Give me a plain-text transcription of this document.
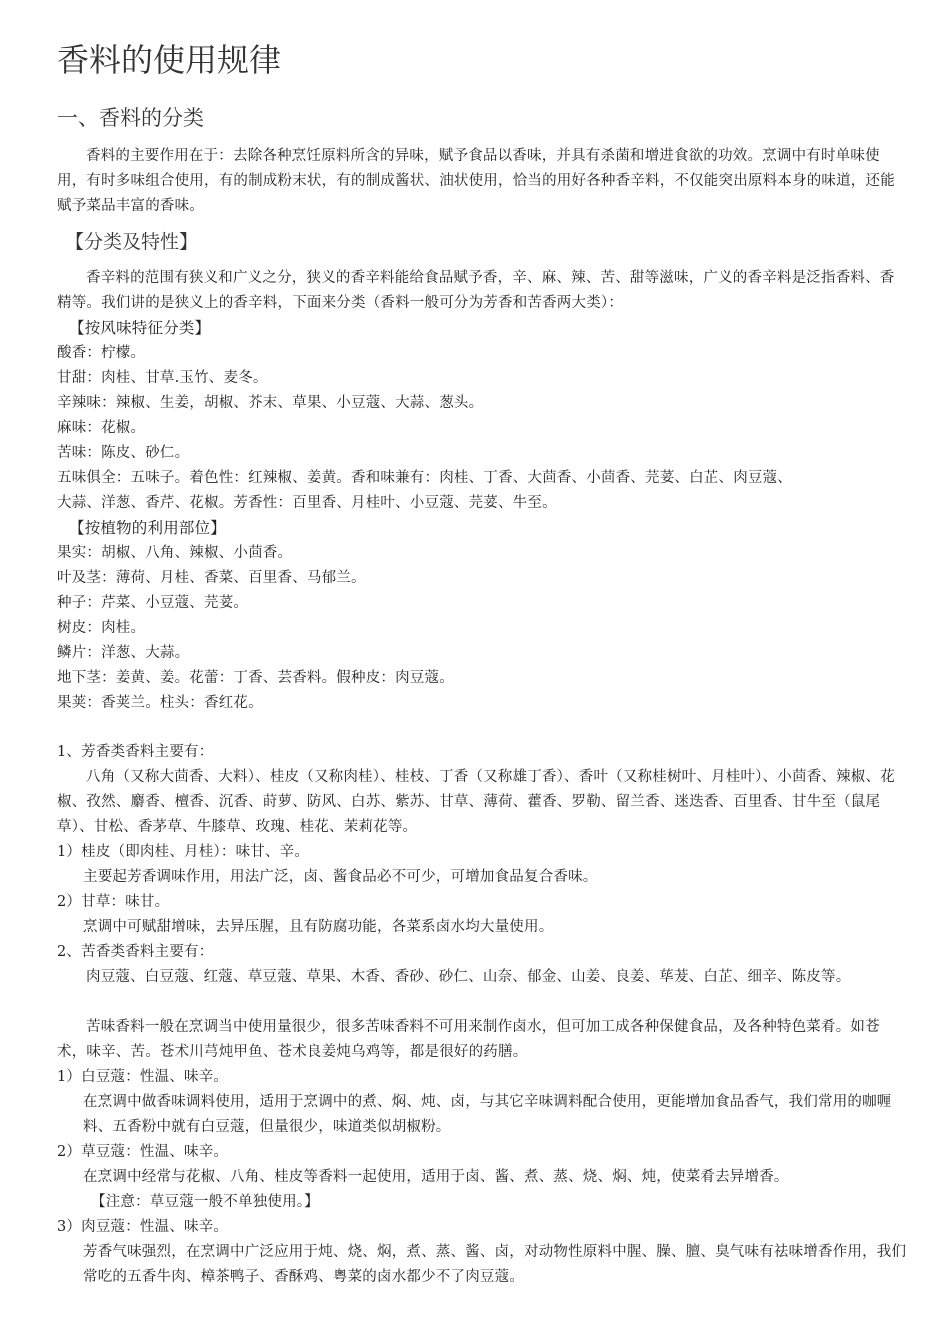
香料的使用规律
一、香料的分类

香料的主要作用在于：去除各种烹饪原料所含的异味，赋予食品以香味，并具有杀菌和增进食欲的功效。烹调中有时单味使用，有时多味组合使用，有的制成粉末状，有的制成酱状、油状使用，恰当的用好各种香辛料，不仅能突出原料本身的味道，还能赋予菜品丰富的香味。

【分类及特性】

香辛料的范围有狭义和广义之分，狭义的香辛料能给食品赋予香，辛、麻、辣、苦、甜等滋味，广义的香辛料是泛指香料、香精等。我们讲的是狭义上的香辛料，下面来分类（香料一般可分为芳香和苦香两大类）：

【按风味特征分类】
酸香：柠檬。
甘甜：肉桂、甘草.玉竹、麦冬。
辛辣味：辣椒、生姜，胡椒、芥末、草果、小豆蔻、大蒜、葱头。
麻味：花椒。
苦味：陈皮、砂仁。
五味俱全：五味子。着色性：红辣椒、姜黄。香和味兼有：肉桂、丁香、大茴香、小茴香、芫荽、白芷、肉豆蔻、
大蒜、洋葱、香芹、花椒。芳香性：百里香、月桂叶、小豆蔻、芫荽、牛至。
【按植物的利用部位】
果实：胡椒、八角、辣椒、小茴香。
叶及茎：薄荷、月桂、香菜、百里香、马郁兰。
种子：芹菜、小豆蔻、芫荽。
树皮：肉桂。
鳞片：洋葱、大蒜。
地下茎：姜黄、姜。花蕾：丁香、芸香料。假种皮：肉豆蔻。
果荚：香荚兰。柱头：香红花。
1、芳香类香料主要有：

八角（又称大茴香、大料）、桂皮（又称肉桂）、桂枝、丁香（又称雄丁香）、香叶（又称桂树叶、月桂叶）、小茴香、辣椒、花椒、孜然、麝香、檀香、沉香、莳萝、防风、白苏、紫苏、甘草、薄荷、藿香、罗勒、留兰香、迷迭香、百里香、甘牛至（鼠尾草）、甘松、香茅草、牛膝草、玫瑰、桂花、茉莉花等。

1）桂皮（即肉桂、月桂）：味甘、辛。
主要起芳香调味作用，用法广泛，卤、酱食品必不可少，可增加食品复合香味。
2）甘草：味甘。
烹调中可赋甜增味，去异压腥，且有防腐功能，各菜系卤水均大量使用。
2、苦香类香料主要有：

肉豆蔻、白豆蔻、红蔻、草豆蔻、草果、木香、香砂、砂仁、山奈、郁金、山姜、良姜、荜茇、白芷、细辛、陈皮等。

苦味香料一般在烹调当中使用量很少，很多苦味香料不可用来制作卤水，但可加工成各种保健食品，及各种特色菜肴。如苍术，味辛、苦。苍术川芎炖甲鱼、苍术良姜炖乌鸡等，都是很好的药膳。

1）白豆蔻：性温、味辛。
在烹调中做香味调料使用，适用于烹调中的煮、焖、炖、卤，与其它辛味调料配合使用，更能增加食品香气，我们常用的咖喱料、五香粉中就有白豆蔻，但量很少，味道类似胡椒粉。
2）草豆蔻：性温、味辛。
在烹调中经常与花椒、八角、桂皮等香料一起使用，适用于卤、酱、煮、蒸、烧、焖、炖，使菜肴去异增香。
【注意：草豆蔻一般不单独使用。】
3）肉豆蔻：性温、味辛。
芳香气味强烈，在烹调中广泛应用于炖、烧、焖，煮、蒸、酱、卤，对动物性原料中腥、臊、膻、臭气味有祛味增香作用，我们常吃的五香牛肉、樟茶鸭子、香酥鸡、粤菜的卤水都少不了肉豆蔻。
